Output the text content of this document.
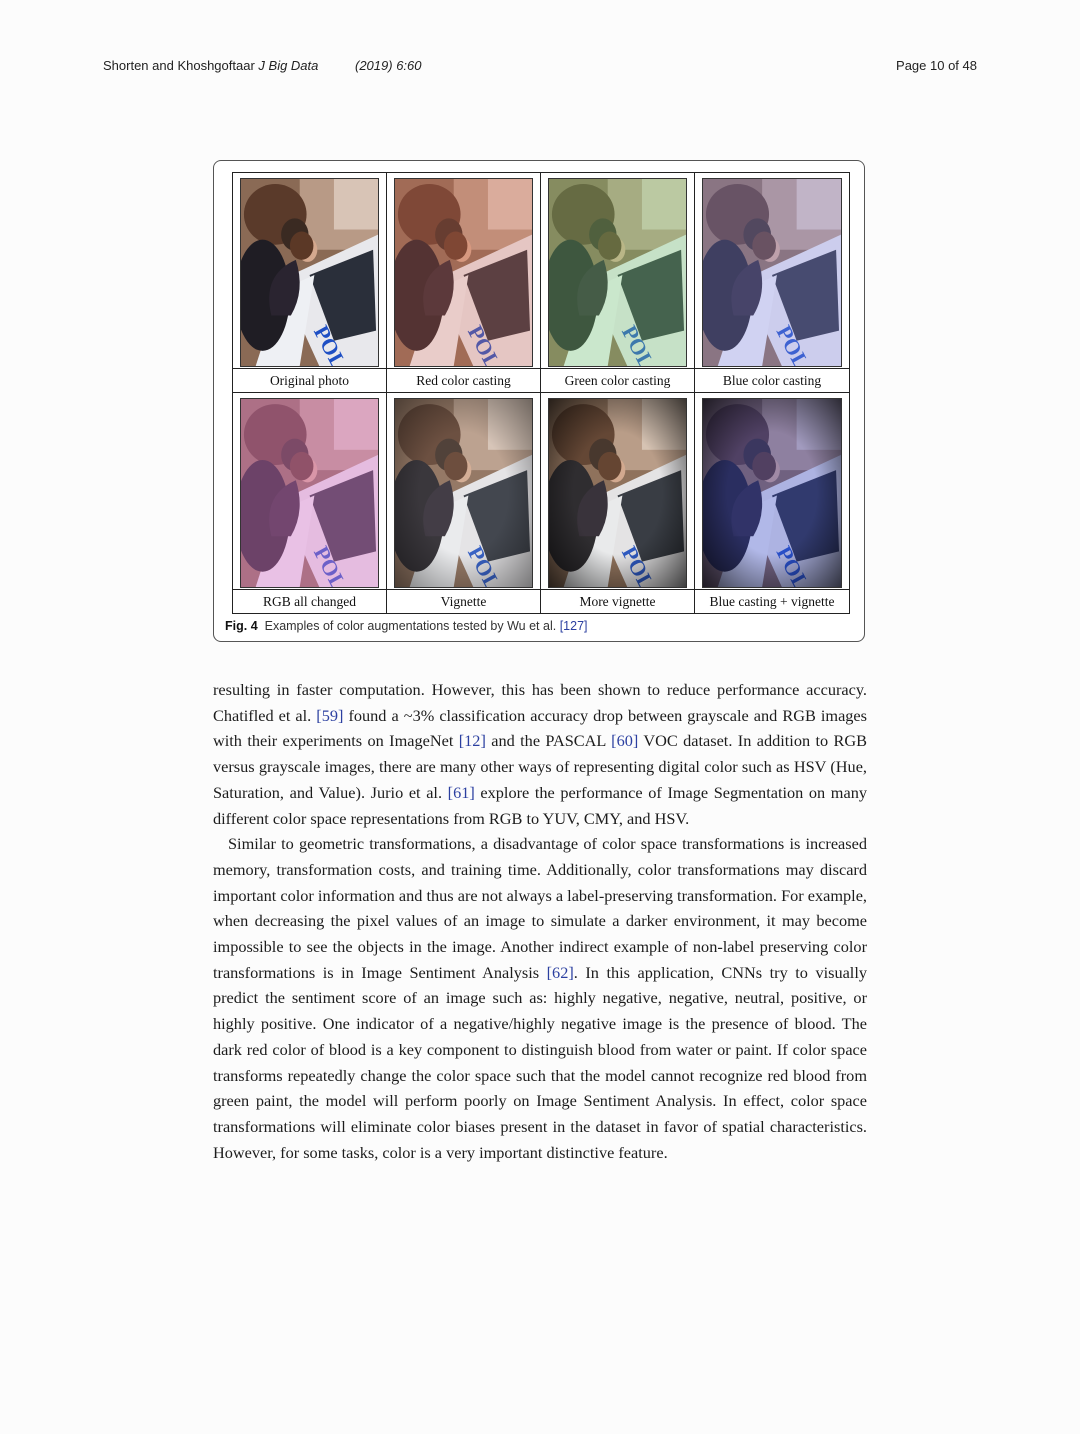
Shorten and Khoshgoftaar J Big Data	(2019) 6:60	Page 10 of 48
Original photo	Red color casting	Green color casting	Blue color casting
RGB all changed	Vignette	More vignette	Blue casting + vignette
Fig. 4 Examples of color augmentations tested by Wu et al. [127]

resulting in faster computation. However, this has been shown to reduce performance accuracy. Chatifled et al. [59] found a ~3% classification accuracy drop between grayscale and RGB images with their experiments on ImageNet [12] and the PASCAL [60] VOC dataset. In addition to RGB versus grayscale images, there are many other ways of representing digital color such as HSV (Hue, Saturation, and Value). Jurio et al. [61] explore the performance of Image Segmentation on many different color space representations from RGB to YUV, CMY, and HSV.

Similar to geometric transformations, a disadvantage of color space transformations is increased memory, transformation costs, and training time. Additionally, color transformations may discard important color information and thus are not always a label-preserving transformation. For example, when decreasing the pixel values of an image to simulate a darker environment, it may become impossible to see the objects in the image. Another indirect example of non-label preserving color transformations is in Image Sentiment Analysis [62]. In this application, CNNs try to visually predict the sentiment score of an image such as: highly negative, negative, neutral, positive, or highly positive. One indicator of a negative/highly negative image is the presence of blood. The dark red color of blood is a key component to distinguish blood from water or paint. If color space transforms repeatedly change the color space such that the model cannot recognize red blood from green paint, the model will perform poorly on Image Sentiment Analysis. In effect, color space transformations will eliminate color biases present in the dataset in favor of spatial characteristics. However, for some tasks, color is a very important distinctive feature.
